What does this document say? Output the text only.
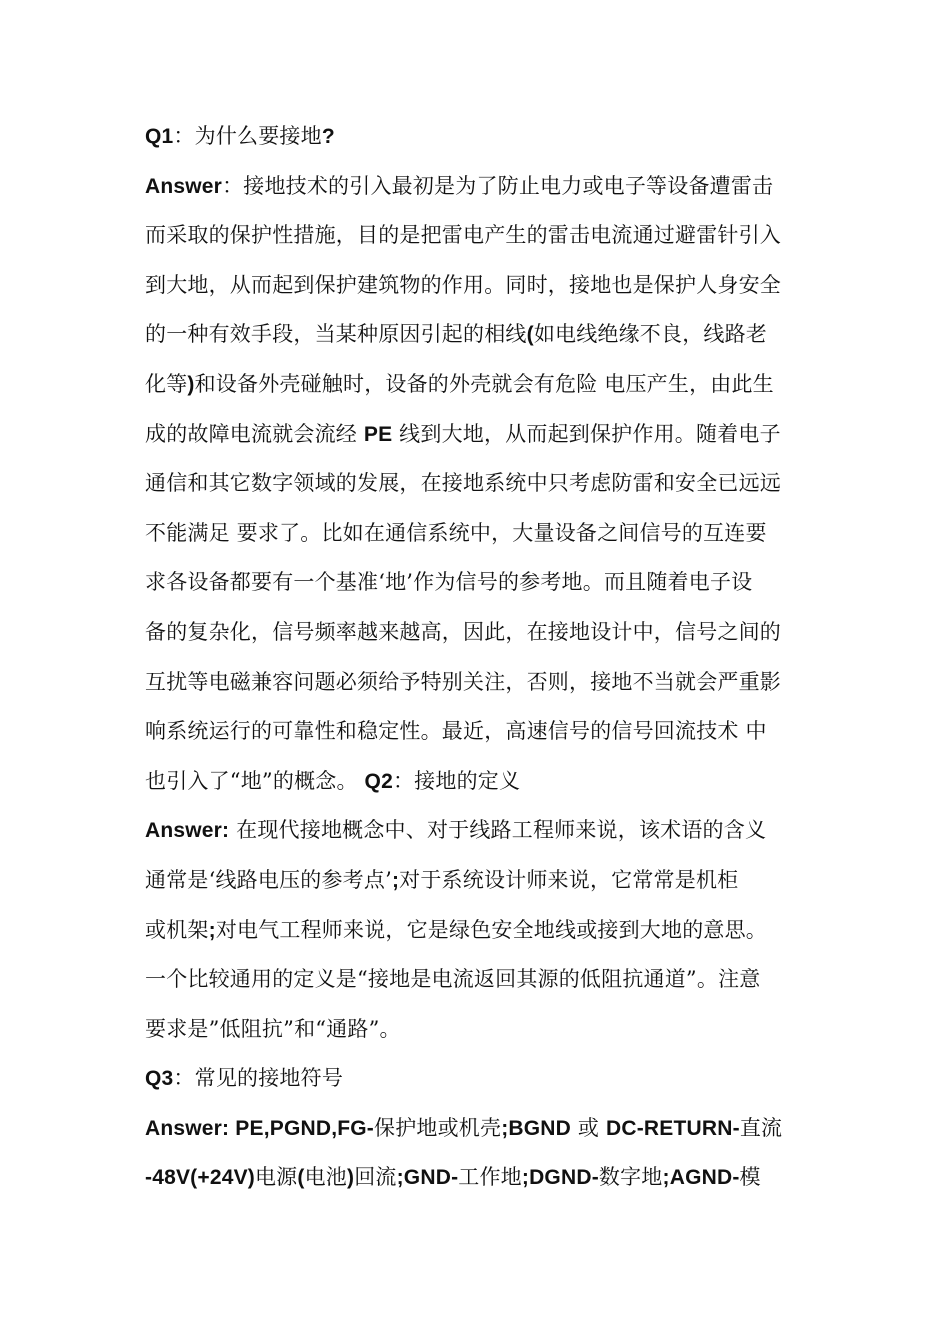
Q1：为什么要接地?
Answer：接地技术的引入最初是为了防止电力或电子等设备遭雷击
而采取的保护性措施，目的是把雷电产生的雷击电流通过避雷针引入
到大地，从而起到保护建筑物的作用。同时，接地也是保护人身安全
的一种有效手段，当某种原因引起的相线(如电线绝缘不良，线路老
化等)和设备外壳碰触时，设备的外壳就会有危险 电压产生，由此生
成的故障电流就会流经 PE 线到大地，从而起到保护作用。随着电子
通信和其它数字领域的发展，在接地系统中只考虑防雷和安全已远远
不能满足 要求了。比如在通信系统中，大量设备之间信号的互连要
求各设备都要有一个基准‘地’作为信号的参考地。而且随着电子设
备的复杂化，信号频率越来越高，因此，在接地设计中，信号之间的
互扰等电磁兼容问题必须给予特别关注，否则，接地不当就会严重影
响系统运行的可靠性和稳定性。最近，高速信号的信号回流技术 中
也引入了“地”的概念。 Q2：接地的定义
Answer: 在现代接地概念中、对于线路工程师来说，该术语的含义
通常是‘线路电压的参考点’;对于系统设计师来说，它常常是机柜
或机架;对电气工程师来说，它是绿色安全地线或接到大地的意思。
一个比较通用的定义是“接地是电流返回其源的低阻抗通道”。注意
要求是”低阻抗”和“通路”。
Q3：常见的接地符号
Answer: PE,PGND,FG-保护地或机壳;BGND 或 DC-RETURN-直流
-48V(+24V)电源(电池)回流;GND-工作地;DGND-数字地;AGND-模
